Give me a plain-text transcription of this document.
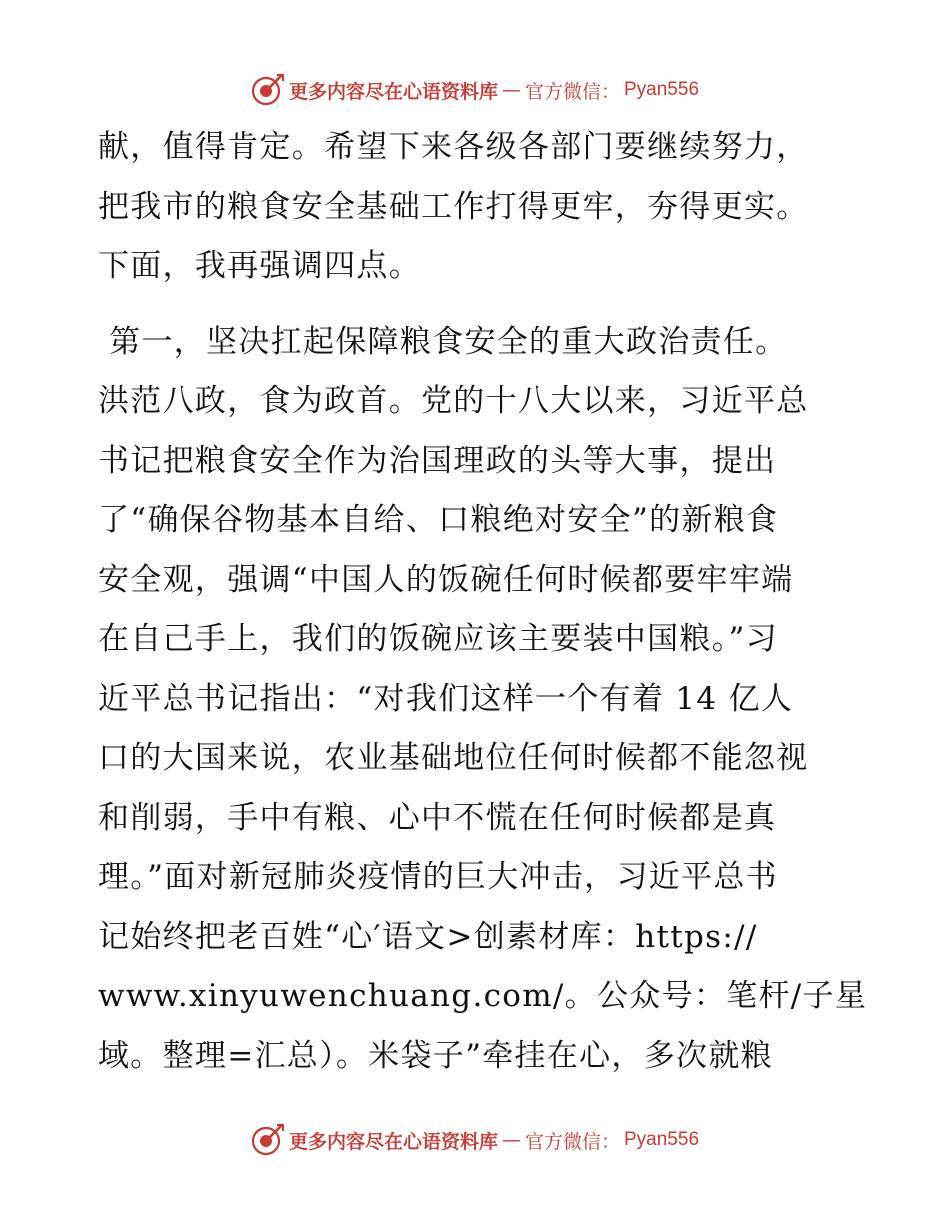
更多内容尽在心语资料库 — 官方微信： Pyan556
献，值得肯定。希望下来各级各部门要继续努力，
把我市的粮食安全基础工作打得更牢，夯得更实。
下面，我再强调四点。
第一，坚决扛起保障粮食安全的重大政治责任。
洪范八政，食为政首。党的十八大以来，习近平总
书记把粮食安全作为治国理政的头等大事，提出
了“确保谷物基本自给、口粮绝对安全”的新粮食
安全观，强调“中国人的饭碗任何时候都要牢牢端
在自己手上，我们的饭碗应该主要装中国粮。”习
近平总书记指出：“对我们这样一个有着 14 亿人
口的大国来说，农业基础地位任何时候都不能忽视
和削弱，手中有粮、心中不慌在任何时候都是真
理。”面对新冠肺炎疫情的巨大冲击，习近平总书
记始终把老百姓“心′语文>创素材库：https://
www.xinyuwenchuang.com/。公众号：笔杆/子星
域。整理=汇总）。米袋子”牵挂在心，多次就粮
更多内容尽在心语资料库 — 官方微信： Pyan556
